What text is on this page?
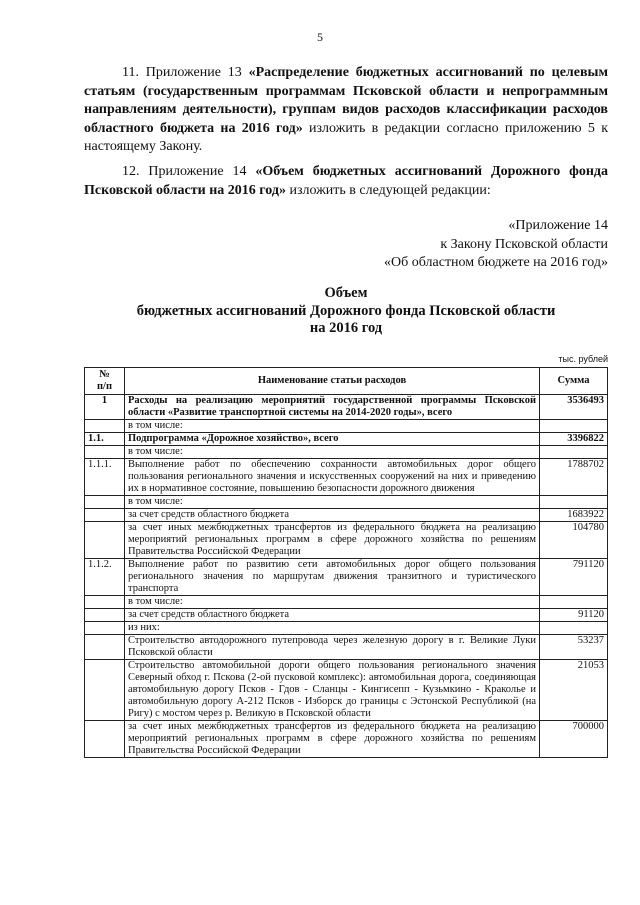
5

11. Приложение 13 «Распределение бюджетных ассигнований по целевым статьям (государственным программам Псковской области и непрограммным направлениям деятельности), группам видов расходов классификации расходов областного бюджета на 2016 год» изложить в редакции согласно приложению 5 к настоящему Закону.

12. Приложение 14 «Объем бюджетных ассигнований Дорожного фонда Псковской области на 2016 год» изложить в следующей редакции:

«Приложение 14
к Закону Псковской области
«Об областном бюджете на 2016 год»
Объем
бюджетных ассигнований Дорожного фонда Псковской области
на 2016 год
тыс. рублей
№
п/п	Наименование статьи расходов	Сумма
1	Расходы на реализацию мероприятий государственной программы Псковской области «Развитие транспортной системы на 2014-2020 годы», всего	3536493
	в том числе:	
1.1.	Подпрограмма «Дорожное хозяйство», всего	3396822
	в том числе:	
1.1.1.	Выполнение работ по обеспечению сохранности автомобильных дорог общего пользования регионального значения и искусственных сооружений на них и приведению их в нормативное состояние, повышению безопасности дорожного движения	1788702
	в том числе:	
	за счет средств областного бюджета	1683922
	за счет иных межбюджетных трансфертов из федерального бюджета на реализацию мероприятий региональных программ в сфере дорожного хозяйства по решениям Правительства Российской Федерации	104780
1.1.2.	Выполнение работ по развитию сети автомобильных дорог общего пользования регионального значения по маршрутам движения транзитного и туристического транспорта	791120
	в том числе:	
	за счет средств областного бюджета	91120
	из них:	
	Строительство автодорожного путепровода через железную дорогу в г. Великие Луки Псковской области	53237
	Строительство автомобильной дороги общего пользования регионального значения Северный обход г. Пскова (2-ой пусковой комплекс): автомобильная дорога, соединяющая автомобильную дорогу Псков - Гдов - Сланцы - Кингисепп - Кузьмкино - Краколье и автомобильную дорогу А-212 Псков - Изборск до границы с Эстонской Республикой (на Ригу) с мостом через р. Великую в Псковской области	21053
	за счет иных межбюджетных трансфертов из федерального бюджета на реализацию мероприятий региональных программ в сфере дорожного хозяйства по решениям Правительства Российской Федерации	700000
